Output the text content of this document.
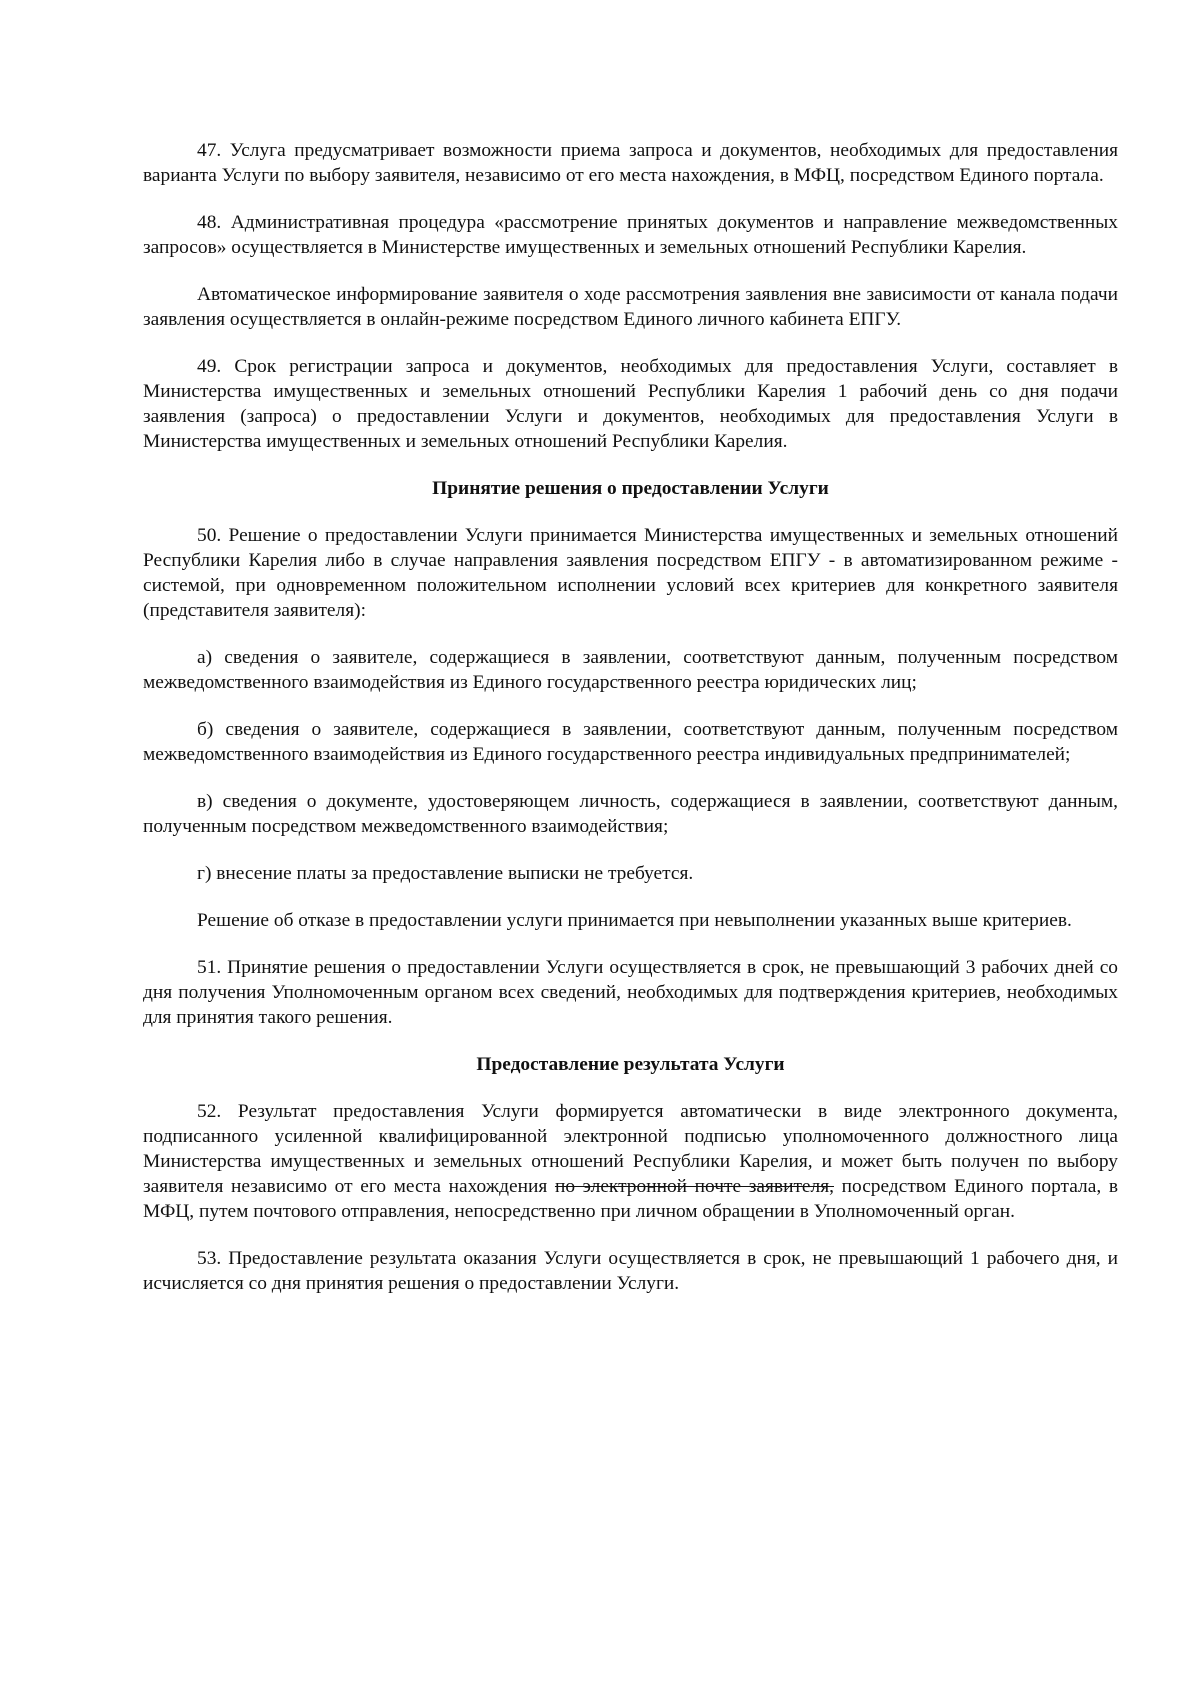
47. Услуга предусматривает возможности приема запроса и документов, необходимых для предоставления варианта Услуги по выбору заявителя, независимо от его места нахождения, в МФЦ, посредством Единого портала.

48. Административная процедура «рассмотрение принятых документов и направление межведомственных запросов» осуществляется в Министерстве имущественных и земельных отношений Республики Карелия.

Автоматическое информирование заявителя о ходе рассмотрения заявления вне зависимости от канала подачи заявления осуществляется в онлайн-режиме посредством Единого личного кабинета ЕПГУ.

49. Срок регистрации запроса и документов, необходимых для предоставления Услуги, составляет в Министерства имущественных и земельных отношений Республики Карелия 1 рабочий день со дня подачи заявления (запроса) о предоставлении Услуги и документов, необходимых для предоставления Услуги в Министерства имущественных и земельных отношений Республики Карелия.

Принятие решения о предоставлении Услуги

50. Решение о предоставлении Услуги принимается Министерства имущественных и земельных отношений Республики Карелия либо в случае направления заявления посредством ЕПГУ - в автоматизированном режиме - системой, при одновременном положительном исполнении условий всех критериев для конкретного заявителя (представителя заявителя):

а) сведения о заявителе, содержащиеся в заявлении, соответствуют данным, полученным посредством межведомственного взаимодействия из Единого государственного реестра юридических лиц;

б) сведения о заявителе, содержащиеся в заявлении, соответствуют данным, полученным посредством межведомственного взаимодействия из Единого государственного реестра индивидуальных предпринимателей;

в) сведения о документе, удостоверяющем личность, содержащиеся в заявлении, соответствуют данным, полученным посредством межведомственного взаимодействия;

г) внесение платы за предоставление выписки не требуется.

Решение об отказе в предоставлении услуги принимается при невыполнении указанных выше критериев.

51. Принятие решения о предоставлении Услуги осуществляется в срок, не превышающий 3 рабочих дней со дня получения Уполномоченным органом всех сведений, необходимых для подтверждения критериев, необходимых для принятия такого решения.

Предоставление результата Услуги

52. Результат предоставления Услуги формируется автоматически в виде электронного документа, подписанного усиленной квалифицированной электронной подписью уполномоченного должностного лица Министерства имущественных и земельных отношений Республики Карелия, и может быть получен по выбору заявителя независимо от его места нахождения по электронной почте заявителя, посредством Единого портала, в МФЦ, путем почтового отправления, непосредственно при личном обращении в Уполномоченный орган.

53. Предоставление результата оказания Услуги осуществляется в срок, не превышающий 1 рабочего дня, и исчисляется со дня принятия решения о предоставлении Услуги.
